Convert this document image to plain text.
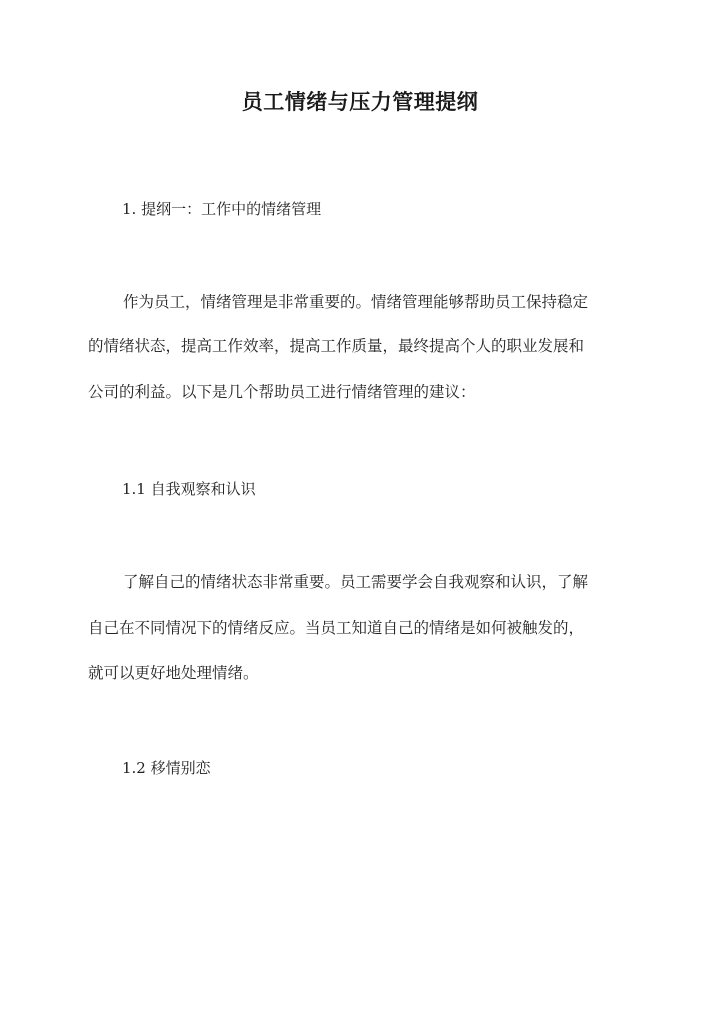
员工情绪与压力管理提纲
1. 提纲一：工作中的情绪管理
作为员工，情绪管理是非常重要的。情绪管理能够帮助员工保持稳定
的情绪状态，提高工作效率，提高工作质量，最终提高个人的职业发展和
公司的利益。以下是几个帮助员工进行情绪管理的建议：
1.1 自我观察和认识
了解自己的情绪状态非常重要。员工需要学会自我观察和认识，了解
自己在不同情况下的情绪反应。当员工知道自己的情绪是如何被触发的，
就可以更好地处理情绪。
1.2 移情别恋
